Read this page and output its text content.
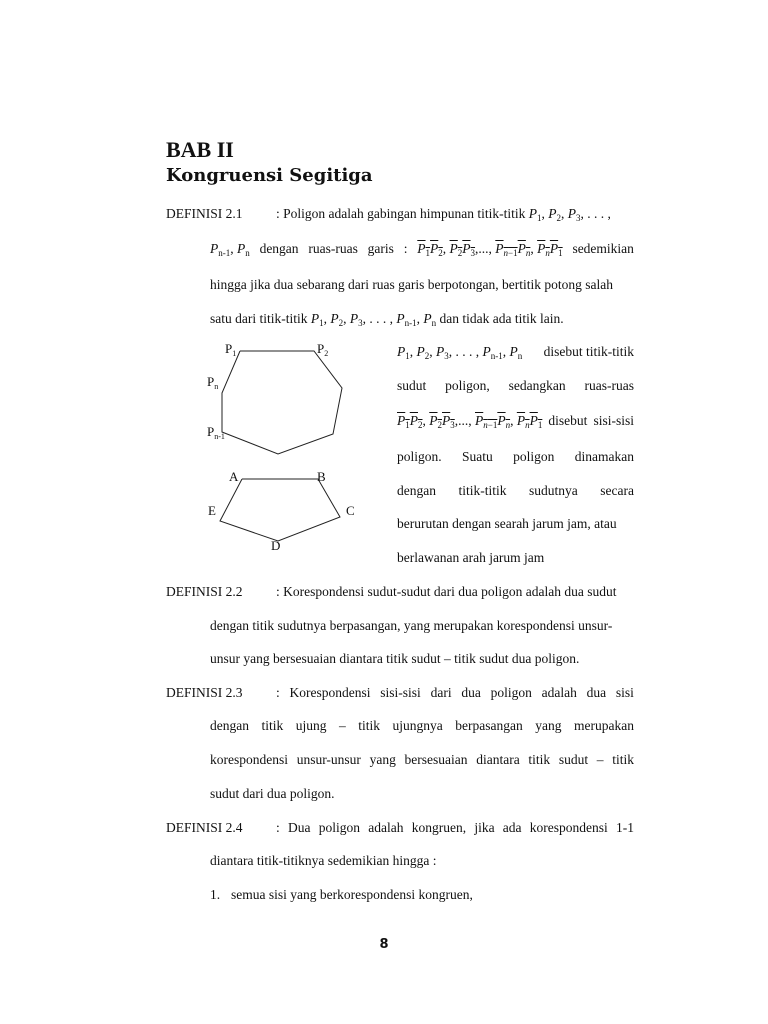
BAB II
Kongruensi Segitiga
DEFINISI 2.1 : Poligon adalah gabingan himpunan titik-titik $P_1$, $P_2$, $P_3$, . . . ,
$P_{n-1}$, $P_n$ dengan ruas-ruas garis : $P_1P_2$, $P_2P_3$,..., $P_{n-1}P_n$, $P_nP_1$ sedemikian
hingga jika dua sebarang dari ruas garis berpotongan, bertitik potong salah
satu dari titik-titik $P_1$, $P_2$, $P_3$, . . . , $P_{n-1}$, $P_n$ dan tidak ada titik lain.
$P_1$	$P_2$
$P_n$
$P_{n-1}$
A	B
C
D
E
$P_1$, $P_2$, $P_3$, . . . , $P_{n-1}$, $P_n$ disebut titik-titik
sudut poligon, sedangkan ruas-ruas
$P_1P_2$, $P_2P_3$,..., $P_{n-1}P_n$, $P_nP_1$ disebut sisi-sisi
poligon. Suatu poligon dinamakan
dengan titik-titik sudutnya secara
berurutan dengan searah jarum jam, atau
berlawanan arah jarum jam
DEFINISI 2.2 : Korespondensi sudut-sudut dari dua poligon adalah dua sudut
dengan titik sudutnya berpasangan, yang merupakan korespondensi unsur-
unsur yang bersesuaian diantara titik sudut – titik sudut dua poligon.
DEFINISI 2.3 : Korespondensi sisi-sisi dari dua poligon adalah dua sisi
dengan titik ujung – titik ujungnya berpasangan yang merupakan
korespondensi unsur-unsur yang bersesuaian diantara titik sudut – titik
sudut dari dua poligon.
DEFINISI 2.4 : Dua poligon adalah kongruen, jika ada korespondensi 1-1
diantara titik-titiknya sedemikian hingga :
1. semua sisi yang berkorespondensi kongruen,
8
